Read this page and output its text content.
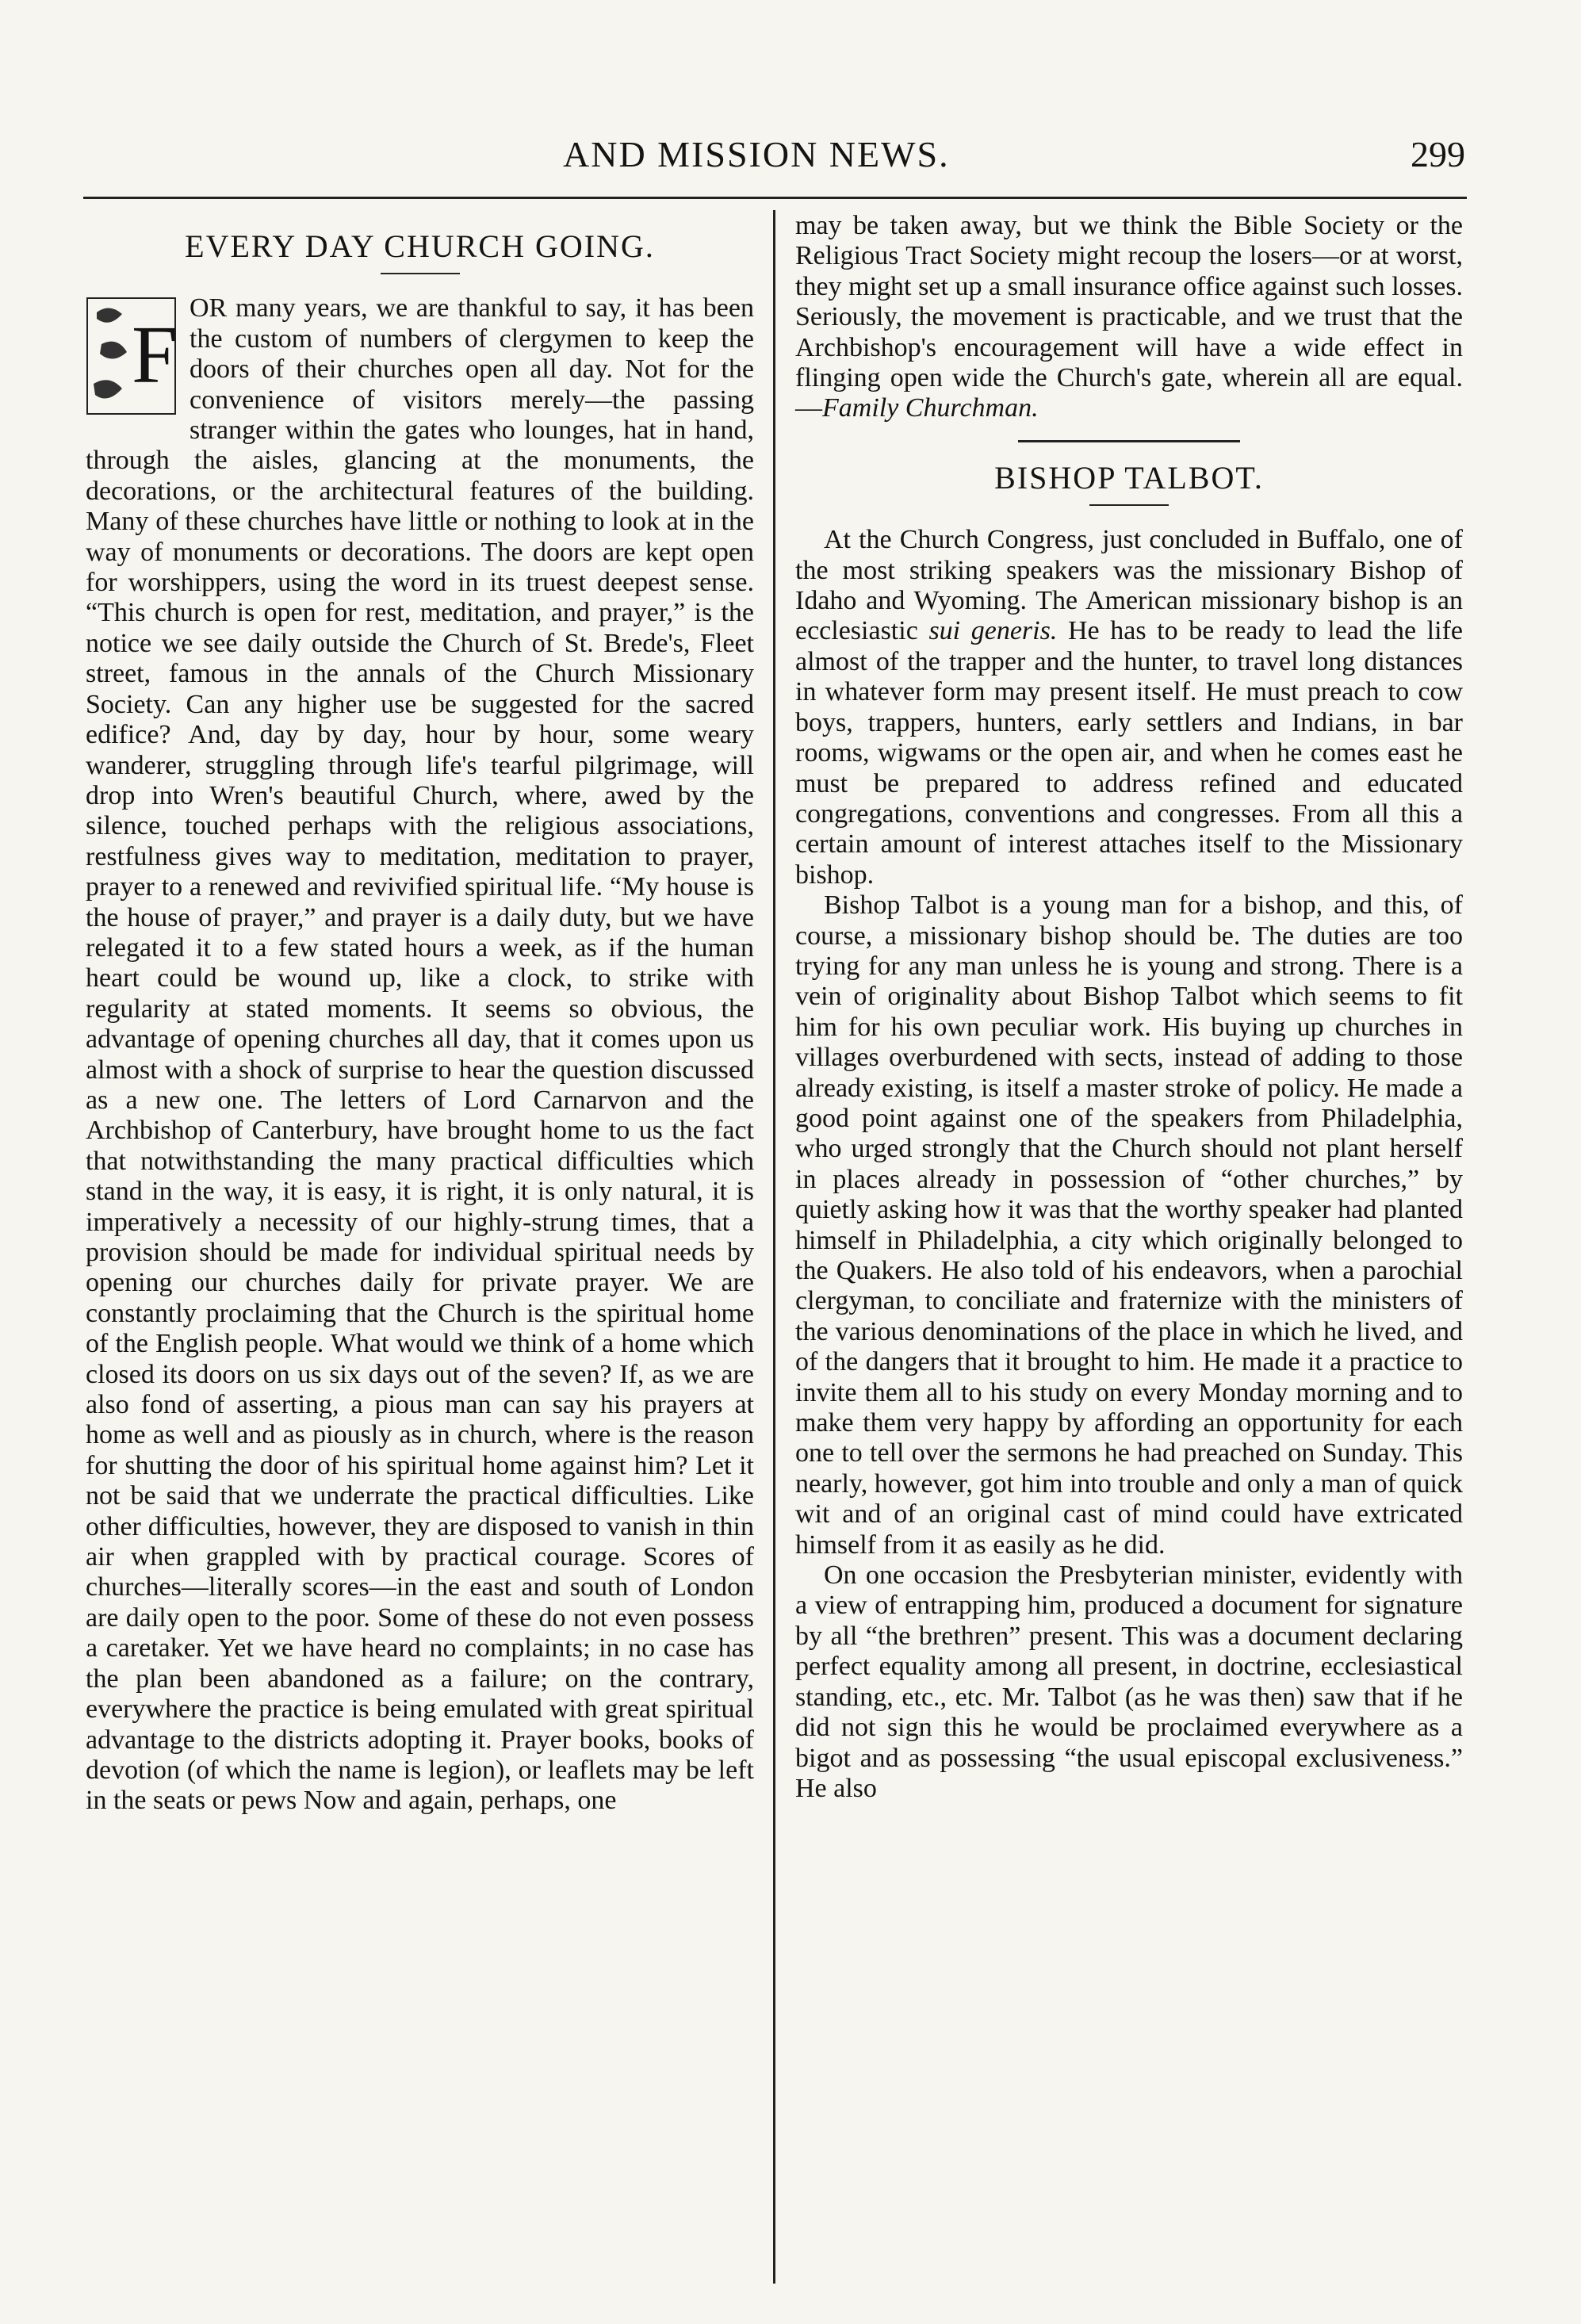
AND MISSION NEWS.	299
EVERY DAY CHURCH GOING.

F
OR many years, we are thankful to say, it has been the custom of numbers of clergymen to keep the doors of their churches open all day. Not for the convenience of visitors merely—the passing stranger within the gates who lounges, hat in hand, through the aisles, glancing at the monuments, the decorations, or the architectural features of the building. Many of these churches have little or nothing to look at in the way of monuments or decorations. The doors are kept open for worshippers, using the word in its truest deepest sense. “This church is open for rest, meditation, and prayer,” is the notice we see daily outside the Church of St. Brede's, Fleet street, famous in the annals of the Church Missionary Society. Can any higher use be suggested for the sacred edifice? And, day by day, hour by hour, some weary wanderer, struggling through life's tearful pilgrimage, will drop into Wren's beautiful Church, where, awed by the silence, touched perhaps with the religious associations, restfulness gives way to meditation, meditation to prayer, prayer to a renewed and revivified spiritual life. “My house is the house of prayer,” and prayer is a daily duty, but we have relegated it to a few stated hours a week, as if the human heart could be wound up, like a clock, to strike with regularity at stated moments. It seems so obvious, the advantage of opening churches all day, that it comes upon us almost with a shock of surprise to hear the question discussed as a new one. The letters of Lord Carnarvon and the Archbishop of Canterbury, have brought home to us the fact that notwithstanding the many practical difficulties which stand in the way, it is easy, it is right, it is only natural, it is imperatively a necessity of our highly-strung times, that a provision should be made for individual spiritual needs by opening our churches daily for private prayer. We are constantly proclaiming that the Church is the spiritual home of the English people. What would we think of a home which closed its doors on us six days out of the seven? If, as we are also fond of asserting, a pious man can say his prayers at home as well and as piously as in church, where is the reason for shutting the door of his spiritual home against him? Let it not be said that we underrate the practical difficulties. Like other difficulties, however, they are disposed to vanish in thin air when grappled with by practical courage. Scores of churches—literally scores—in the east and south of London are daily open to the poor. Some of these do not even possess a caretaker. Yet we have heard no complaints; in no case has the plan been abandoned as a failure; on the contrary, everywhere the practice is being emulated with great spiritual advantage to the districts adopting it. Prayer books, books of devotion (of which the name is legion), or leaflets may be left in the seats or pews Now and again, perhaps, one

may be taken away, but we think the Bible Society or the Religious Tract Society might recoup the losers—or at worst, they might set up a small insurance office against such losses. Seriously, the movement is practicable, and we trust that the Archbishop's encouragement will have a wide effect in flinging open wide the Church's gate, wherein all are equal.—Family Churchman.

BISHOP TALBOT.

At the Church Congress, just concluded in Buffalo, one of the most striking speakers was the missionary Bishop of Idaho and Wyoming. The American missionary bishop is an ecclesiastic sui generis. He has to be ready to lead the life almost of the trapper and the hunter, to travel long distances in whatever form may present itself. He must preach to cow boys, trappers, hunters, early settlers and Indians, in bar rooms, wigwams or the open air, and when he comes east he must be prepared to address refined and educated congregations, conventions and congresses. From all this a certain amount of interest attaches itself to the Missionary bishop.

Bishop Talbot is a young man for a bishop, and this, of course, a missionary bishop should be. The duties are too trying for any man unless he is young and strong. There is a vein of originality about Bishop Talbot which seems to fit him for his own peculiar work. His buying up churches in villages overburdened with sects, instead of adding to those already existing, is itself a master stroke of policy. He made a good point against one of the speakers from Philadelphia, who urged strongly that the Church should not plant herself in places already in possession of “other churches,” by quietly asking how it was that the worthy speaker had planted himself in Philadelphia, a city which originally belonged to the Quakers. He also told of his endeavors, when a parochial clergyman, to conciliate and fraternize with the ministers of the various denominations of the place in which he lived, and of the dangers that it brought to him. He made it a practice to invite them all to his study on every Monday morning and to make them very happy by affording an opportunity for each one to tell over the sermons he had preached on Sunday. This nearly, however, got him into trouble and only a man of quick wit and of an original cast of mind could have extricated himself from it as easily as he did.

On one occasion the Presbyterian minister, evidently with a view of entrapping him, produced a document for signature by all “the brethren” present. This was a document declaring perfect equality among all present, in doctrine, ecclesiastical standing, etc., etc. Mr. Talbot (as he was then) saw that if he did not sign this he would be proclaimed everywhere as a bigot and as possessing “the usual episcopal exclusiveness.” He also
